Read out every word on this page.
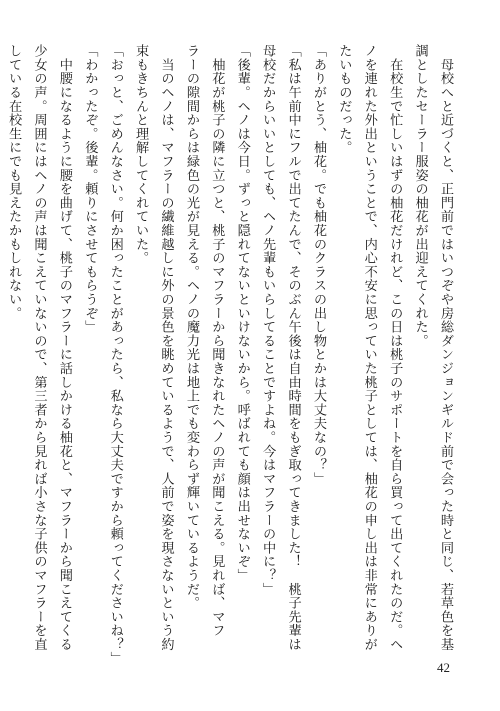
　母校へと近づくと、正門前ではいつぞや房総ダンジョンギルド前で会った時と同じ、若草色を基
調としたセーラー服姿の柚花が出迎えてくれた。
　在校生で忙しいはずの柚花だけれど、この日は桃子のサポートを自ら買って出てくれたのだ。ヘ
ノを連れた外出ということで、内心不安に思っていた桃子としては、柚花の申し出は非常にありが
たいものだった。
「ありがとう、柚花。でも柚花のクラスの出し物とかは大丈夫なの？」
「私は午前中にフルで出てたんで、そのぶん午後は自由時間をもぎ取ってきました！　桃子先輩は
母校だからいいとしても、ヘノ先輩もいらしてることですよね。今はマフラーの中に？」
「後輩。ヘノは今日。ずっと隠れてないといけないから。呼ばれても顔は出せないぞ」
　柚花が桃子の隣に立つと、桃子のマフラーから聞きなれたヘノの声が聞こえる。見れば、マフ
ラーの隙間からは緑色の光が見える。ヘノの魔力光は地上でも変わらず輝いているようだ。
　当のヘノは、マフラーの繊維越しに外の景色を眺めているようで、人前で姿を現さないという約
束もきちんと理解してくれていた。
「おっと、ごめんなさい。何か困ったことがあったら、私なら大丈夫ですから頼ってくださいね？」
「わかったぞ。後輩。頼りにさせてもらうぞ」
　中腰になるように腰を曲げて、桃子のマフラーに話しかける柚花と、マフラーから聞こえてくる
少女の声。周囲にはヘノの声は聞こえていないので、第三者から見れば小さな子供のマフラーを直
している在校生にでも見えたかもしれない。
42
